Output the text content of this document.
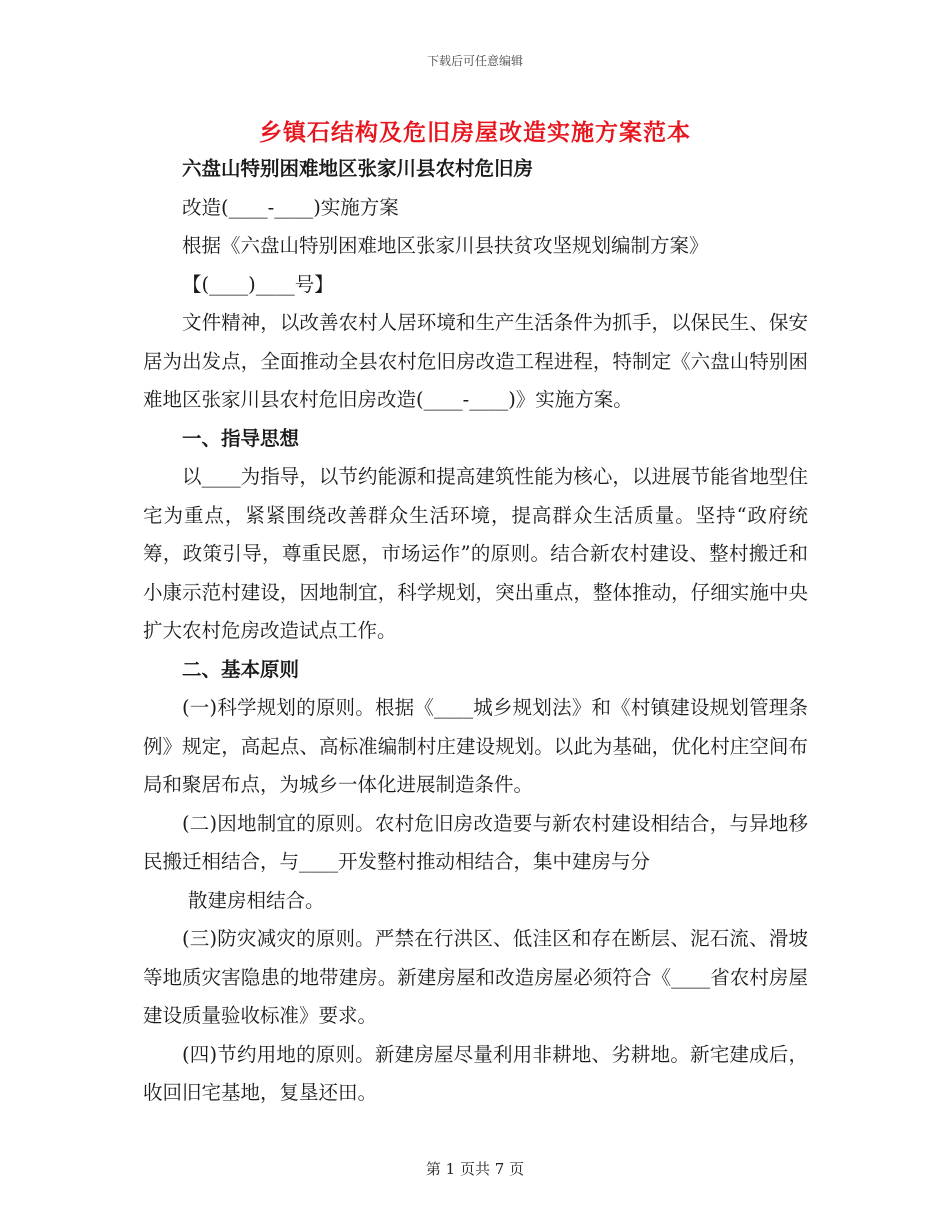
下载后可任意编辑
乡镇石结构及危旧房屋改造实施方案范本

六盘山特别困难地区张家川县农村危旧房

改造(____-____)实施方案

根据《六盘山特别困难地区张家川县扶贫攻坚规划编制方案》

【(____)____号】

文件精神，以改善农村人居环境和生产生活条件为抓手，以保民生、保安居为出发点，全面推动全县农村危旧房改造工程进程，特制定《六盘山特别困难地区张家川县农村危旧房改造(____-____)》实施方案。

一、指导思想

以____为指导，以节约能源和提高建筑性能为核心，以进展节能省地型住宅为重点，紧紧围绕改善群众生活环境，提高群众生活质量。坚持“政府统筹，政策引导，尊重民愿，市场运作”的原则。结合新农村建设、整村搬迁和小康示范村建设，因地制宜，科学规划，突出重点，整体推动，仔细实施中央扩大农村危房改造试点工作。

二、基本原则

(一)科学规划的原则。根据《____城乡规划法》和《村镇建设规划管理条例》规定，高起点、高标准编制村庄建设规划。以此为基础，优化村庄空间布局和聚居布点，为城乡一体化进展制造条件。

(二)因地制宜的原则。农村危旧房改造要与新农村建设相结合，与异地移民搬迁相结合，与____开发整村推动相结合，集中建房与分

散建房相结合。

(三)防灾减灾的原则。严禁在行洪区、低洼区和存在断层、泥石流、滑坡等地质灾害隐患的地带建房。新建房屋和改造房屋必须符合《____省农村房屋建设质量验收标准》要求。

(四)节约用地的原则。新建房屋尽量利用非耕地、劣耕地。新宅建成后，收回旧宅基地，复垦还田。

第 1 页共 7 页
